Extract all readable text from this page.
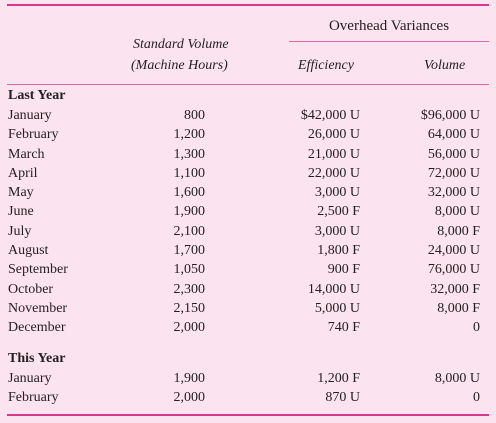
Overhead Variances
Standard Volume
(Machine Hours)	Efficiency	Volume
Last Year
January	800	$42,000 U	$96,000 U
February	1,200	26,000 U	64,000 U
March	1,300	21,000 U	56,000 U
April	1,100	22,000 U	72,000 U
May	1,600	3,000 U	32,000 U
June	1,900	2,500 F	8,000 U
July	2,100	3,000 U	8,000 F
August	1,700	1,800 F	24,000 U
September	1,050	900 F	76,000 U
October	2,300	14,000 U	32,000 F
November	2,150	5,000 U	8,000 F
December	2,000	740 F	0
This Year
January	1,900	1,200 F	8,000 U
February	2,000	870 U	0
